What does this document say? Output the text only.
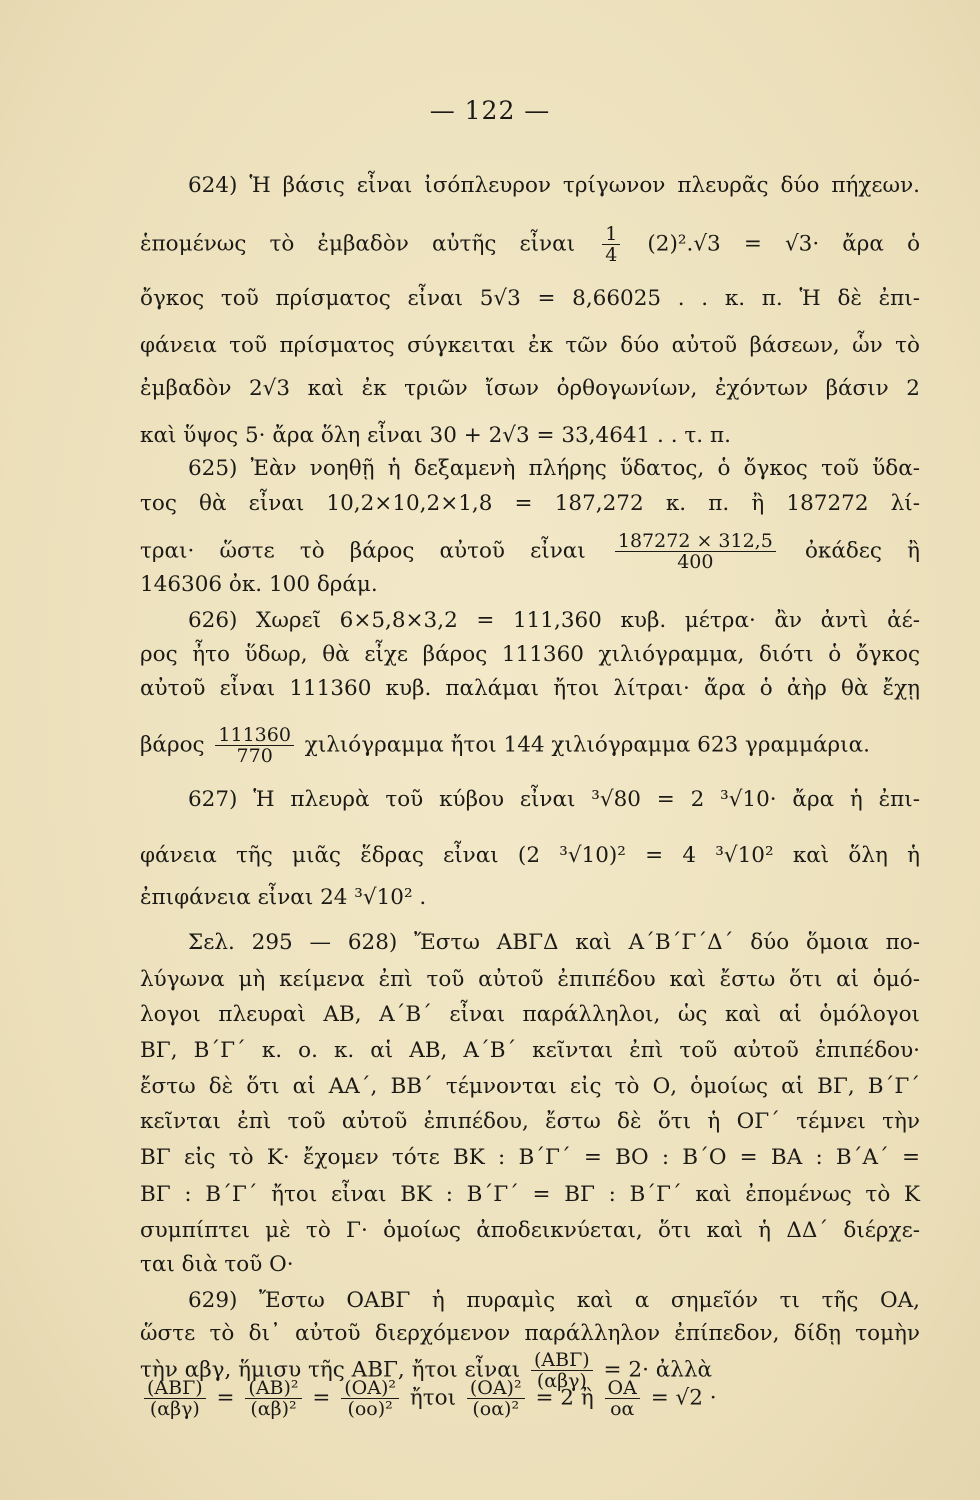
— 122 —
624) Ἡ βάσις εἶναι ἰσόπλευρον τρίγωνον πλευρᾶς δύο πήχεων.
ἑπομένως τὸ ἐμβαδὸν αὐτῆς εἶναι $\frac{1}{4} (2)^2.√3 = √3\cdot$ ἄρα ὁ
ὄγκος τοῦ πρίσματος εἶναι 5√3 = 8,66025 . . κ. π. Ἡ δὲ ἐπι-
φάνεια τοῦ πρίσματος σύγκειται ἐκ τῶν δύο αὐτοῦ βάσεων, ὧν τὸ
ἐμβαδὸν 2√3 καὶ ἐκ τριῶν ἴσων ὀρθογωνίων, ἐχόντων βάσιν 2
καὶ ὕψος 5· ἄρα ὅλη εἶναι 30 + 2√3 = 33,4641 . . τ. π.
625) Ἐὰν νοηθῇ ἡ δεξαμενὴ πλήρης ὕδατος, ὁ ὄγκος τοῦ ὕδα-
τος θὰ εἶναι 10,2×10,2×1,8 = 187,272 κ. π. ἢ 187272 λί-
τραι· ὥστε τὸ βάρος αὐτοῦ εἶναι $\frac{187272 \times 312,5}{400}$ ὀκάδες ἢ
146306 ὀκ. 100 δράμ.
626) Χωρεῖ 6×5,8×3,2 = 111,360 κυβ. μέτρα· ἂν ἀντὶ ἀέ-
ρος ἦτο ὕδωρ, θὰ εἶχε βάρος 111360 χιλιόγραμμα, διότι ὁ ὄγκος
αὐτοῦ εἶναι 111360 κυβ. παλάμαι ἤτοι λίτραι· ἄρα ὁ ἀὴρ θὰ ἔχῃ
βάρος $\frac{111360}{770}$ χιλιόγραμμα ἤτοι 144 χιλιόγραμμα 623 γραμμάρια.
627) Ἡ πλευρὰ τοῦ κύβου εἶναι ³√80 = 2 ³√10· ἄρα ἡ ἐπι-
φάνεια τῆς μιᾶς ἕδρας εἶναι (2 ³√10)² = 4 ³√10² καὶ ὅλη ἡ
ἐπιφάνεια εἶναι 24 ³√10² .
Σελ. 295 — 628) Ἔστω ΑΒΓΔ καὶ Α΄Β΄Γ΄Δ΄ δύο ὅμοια πο-
λύγωνα μὴ κείμενα ἐπὶ τοῦ αὐτοῦ ἐπιπέδου καὶ ἔστω ὅτι αἱ ὁμό-
λογοι πλευραὶ ΑΒ, Α΄Β΄ εἶναι παράλληλοι, ὡς καὶ αἱ ὁμόλογοι
ΒΓ, Β΄Γ΄ κ. ο. κ. αἱ ΑΒ, Α΄Β΄ κεῖνται ἐπὶ τοῦ αὐτοῦ ἐπιπέδου·
ἔστω δὲ ὅτι αἱ ΑΑ΄, ΒΒ΄ τέμνονται εἰς τὸ Ο, ὁμοίως αἱ ΒΓ, Β΄Γ΄
κεῖνται ἐπὶ τοῦ αὐτοῦ ἐπιπέδου, ἔστω δὲ ὅτι ἡ ΟΓ΄ τέμνει τὴν
ΒΓ εἰς τὸ Κ· ἔχομεν τότε ΒΚ : Β΄Γ΄ = ΒΟ : Β΄Ο = ΒΑ : Β΄Α΄ =
ΒΓ : Β΄Γ΄ ἤτοι εἶναι ΒΚ : Β΄Γ΄ = ΒΓ : Β΄Γ΄ καὶ ἐπομένως τὸ Κ
συμπίπτει μὲ τὸ Γ· ὁμοίως ἀποδεικνύεται, ὅτι καὶ ἡ ΔΔ΄ διέρχε-
ται διὰ τοῦ Ο·
629) Ἔστω ΟΑΒΓ ἡ πυραμὶς καὶ α σημεῖόν τι τῆς ΟΑ,
ὥστε τὸ δι᾿ αὐτοῦ διερχόμενον παράλληλον ἐπίπεδον, δίδῃ τομὴν
τὴν αβγ, ἥμισυ τῆς ΑΒΓ, ἤτοι εἶναι $\frac{\text{(ΑΒΓ)}}{\text{(αβγ)}} = 2\cdot$ ἀλλὰ
$\frac{\text{(ΑΒΓ)}}{\text{(αβγ)}} = \frac{\text{(ΑΒ)²}}{\text{(αβ)²}} = \frac{\text{(ΟΑ)²}}{\text{(οο)²}}$ ἤτοι $\frac{\text{(ΟΑ)²}}{\text{(οα)²}} = 2$ ἢ $\frac{OA}{o\alpha} = √2$ ·
